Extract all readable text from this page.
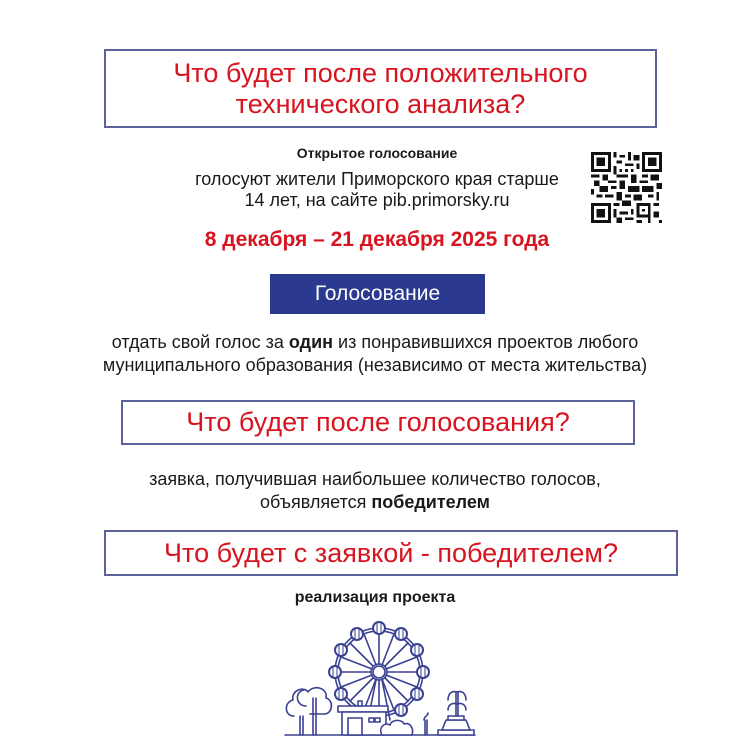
Что будет после положительного
технического анализа?
Открытое голосование
голосуют жители Приморского края старше
14 лет, на сайте pib.primorsky.ru
8 декабря – 21 декабря 2025 года
Голосование
отдать свой голос за один из понравившихся проектов любого
муниципального образования (независимо от места жительства)
Что будет после голосования?
заявка, получившая наибольшее количество голосов,
объявляется победителем
Что будет с заявкой - победителем?
реализация проекта
